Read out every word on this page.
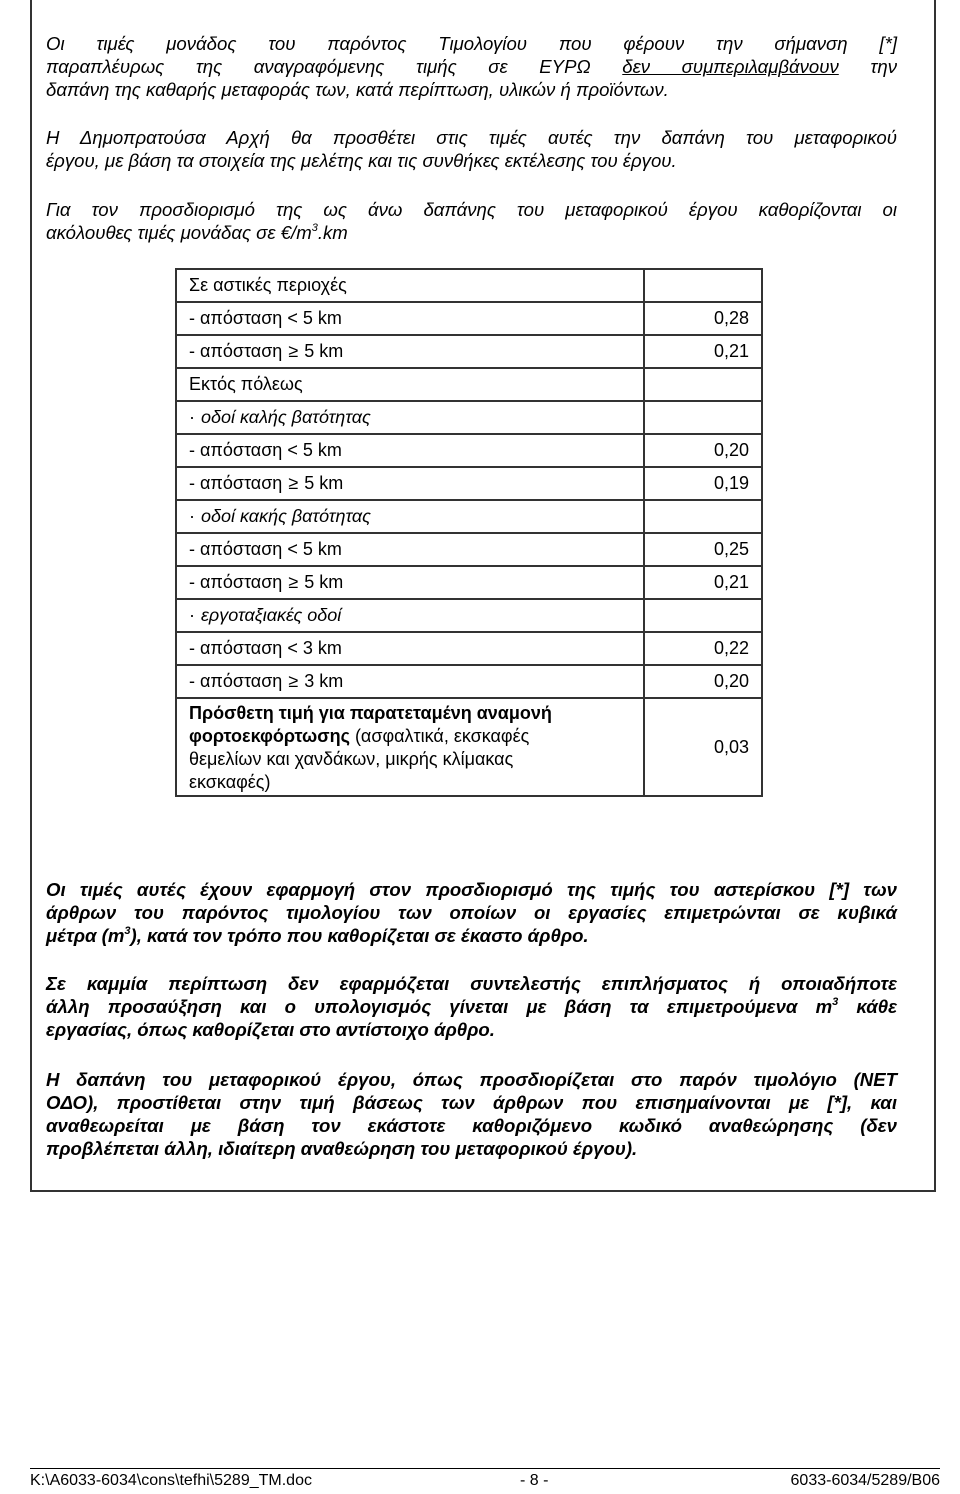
Οι τιμές μονάδος του παρόντος Τιμολογίου που φέρουν την σήμανση [*]
παραπλέυρως της αναγραφόμενης τιμής σε ΕΥΡΩ δεν συμπεριλαμβάνουν την
δαπάνη της καθαρής μεταφοράς των, κατά περίπτωση, υλικών ή προϊόντων.
Η Δημοπρατούσα Αρχή θα προσθέτει στις τιμές αυτές την δαπάνη του μεταφορικού
έργου, με βάση τα στοιχεία της μελέτης και τις συνθήκες εκτέλεσης του έργου.
Για τον προσδιορισμό της ως άνω δαπάνης του μεταφορικού έργου καθορίζονται οι
ακόλουθες τιμές μονάδας σε $€/m^3.km$
Σε αστικές περιοχές	
- απόσταση < 5 km	0,28
- απόσταση ≥ 5 km	0,21
Εκτός πόλεως	
· οδοί καλής βατότητας	
- απόσταση < 5 km	0,20
- απόσταση ≥ 5 km	0,19
· οδοί κακής βατότητας	
- απόσταση < 5 km	0,25
- απόσταση ≥ 5 km	0,21
· εργοταξιακές οδοί	
- απόσταση < 3 km	0,22
- απόσταση ≥ 3 km	0,20
Πρόσθετη τιμή για παρατεταμένη αναμονή
φορτοεκφόρτωσης (ασφαλτικά, εκσκαφές
θεμελίων και χανδάκων, μικρής κλίμακας
εκσκαφές)	0,03
Οι τιμές αυτές έχουν εφαρμογή στον προσδιορισμό της τιμής του αστερίσκου [*] των
άρθρων του παρόντος τιμολογίου των οποίων οι εργασίες επιμετρώνται σε κυβικά
μέτρα $(m^3)$, κατά τον τρόπο που καθορίζεται σε έκαστο άρθρο.
Σε καμμία περίπτωση δεν εφαρμόζεται συντελεστής επιπλήσματος ή οποιαδήποτε
άλλη προσαύξηση και ο υπολογισμός γίνεται με βάση τα επιμετρούμενα $m^3$ κάθε
εργασίας, όπως καθορίζεται στο αντίστοιχο άρθρο.
Η δαπάνη του μεταφορικού έργου, όπως προσδιορίζεται στο παρόν τιμολόγιο (ΝΕΤ
ΟΔΟ), προστίθεται στην τιμή βάσεως των άρθρων που επισημαίνονται με [*], και
αναθεωρείται με βάση τον εκάστοτε καθοριζόμενο κωδικό αναθεώρησης (δεν
προβλέπεται άλλη, ιδιαίτερη αναθεώρηση του μεταφορικού έργου).
K:\A6033-6034\cons\tefhi\5289_TM.doc	- 8 -	6033-6034/5289/B06
